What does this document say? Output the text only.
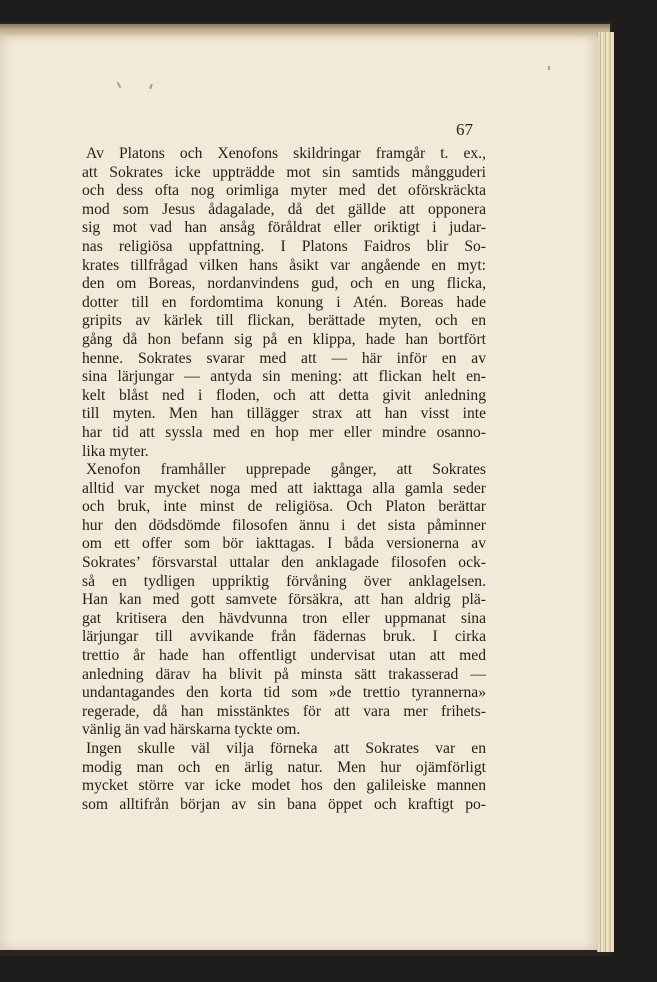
67
Av Platons och Xenofons skildringar framgår t. ex.,
att Sokrates icke uppträdde mot sin samtids mångguderi
och dess ofta nog orimliga myter med det oförskräckta
mod som Jesus ådagalade, då det gällde att opponera
sig mot vad han ansåg föråldrat eller oriktigt i judar-
nas religiösa uppfattning. I Platons Faidros blir So-
krates tillfrågad vilken hans åsikt var angående en myt:
den om Boreas, nordanvindens gud, och en ung flicka,
dotter till en fordomtima konung i Atén. Boreas hade
gripits av kärlek till flickan, berättade myten, och en
gång då hon befann sig på en klippa, hade han bortfört
henne. Sokrates svarar med att — här inför en av
sina lärjungar — antyda sin mening: att flickan helt en-
kelt blåst ned i floden, och att detta givit anledning
till myten. Men han tillägger strax att han visst inte
har tid att syssla med en hop mer eller mindre osanno-
lika myter.
Xenofon framhåller upprepade gånger, att Sokrates
alltid var mycket noga med att iakttaga alla gamla seder
och bruk, inte minst de religiösa. Och Platon berättar
hur den dödsdömde filosofen ännu i det sista påminner
om ett offer som bör iakttagas. I båda versionerna av
Sokrates’ försvarstal uttalar den anklagade filosofen ock-
så en tydligen uppriktig förvåning över anklagelsen.
Han kan med gott samvete försäkra, att han aldrig plä-
gat kritisera den hävdvunna tron eller uppmanat sina
lärjungar till avvikande från fädernas bruk. I cirka
trettio år hade han offentligt undervisat utan att med
anledning därav ha blivit på minsta sätt trakasserad —
undantagandes den korta tid som »de trettio tyrannerna»
regerade, då han misstänktes för att vara mer frihets-
vänlig än vad härskarna tyckte om.
Ingen skulle väl vilja förneka att Sokrates var en
modig man och en ärlig natur. Men hur ojämförligt
mycket större var icke modet hos den galileiske mannen
som alltifrån början av sin bana öppet och kraftigt po-
